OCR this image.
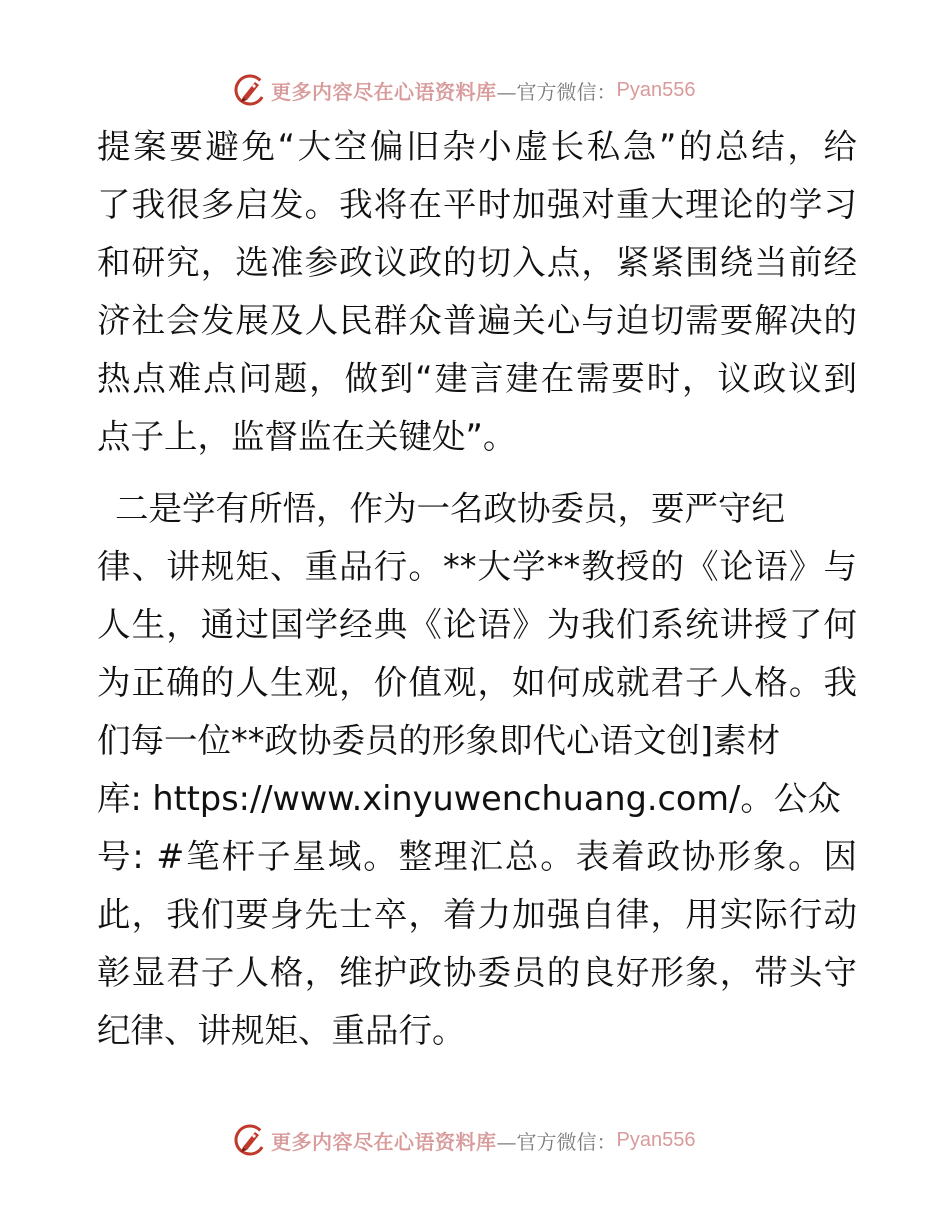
更多内容尽在心语资料库 —官方微信： Pyan556
提案要避免“大空偏旧杂小虚长私急”的总结，给
了我很多启发。我将在平时加强对重大理论的学习
和研究，选准参政议政的切入点，紧紧围绕当前经
济社会发展及人民群众普遍关心与迫切需要解决的
热点难点问题，做到“建言建在需要时，议政议到
点子上，监督监在关键处”。
二是学有所悟，作为一名政协委员，要严守纪
律、讲规矩、重品行。**大学**教授的《论语》与
人生，通过国学经典《论语》为我们系统讲授了何
为正确的人生观，价值观，如何成就君子人格。我
们每一位**政协委员的形象即代心语文创]素材
库: https://www.xinyuwenchuang.com/。公众
号: #笔杆子星域。整理汇总。表着政协形象。因
此，我们要身先士卒，着力加强自律，用实际行动
彰显君子人格，维护政协委员的良好形象，带头守
纪律、讲规矩、重品行。
更多内容尽在心语资料库 —官方微信： Pyan556
